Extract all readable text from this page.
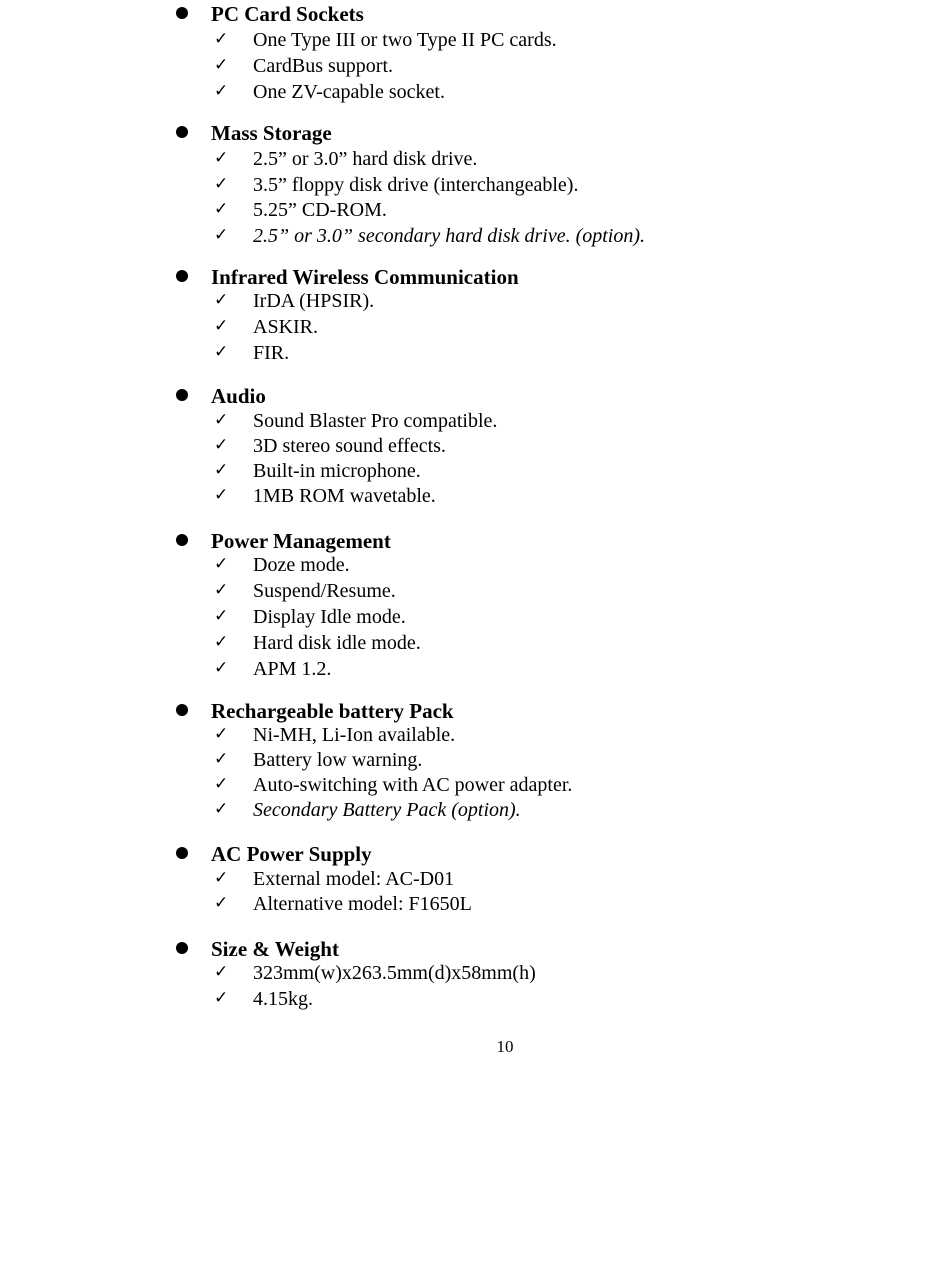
PC Card Sockets
✓ One Type III or two Type II PC cards.
✓ CardBus support.
✓ One ZV-capable socket.
Mass Storage
✓ 2.5” or 3.0” hard disk drive.
✓ 3.5” floppy disk drive (interchangeable).
✓ 5.25” CD-ROM.
✓ 2.5” or 3.0” secondary hard disk drive. (option).
Infrared Wireless Communication
✓ IrDA (HPSIR).
✓ ASKIR.
✓ FIR.
Audio
✓ Sound Blaster Pro compatible.
✓ 3D stereo sound effects.
✓ Built-in microphone.
✓ 1MB ROM wavetable.
Power Management
✓ Doze mode.
✓ Suspend/Resume.
✓ Display Idle mode.
✓ Hard disk idle mode.
✓ APM 1.2.
Rechargeable battery Pack
✓ Ni-MH, Li-Ion available.
✓ Battery low warning.
✓ Auto-switching with AC power adapter.
✓ Secondary Battery Pack (option).
AC Power Supply
✓ External model: AC-D01
✓ Alternative model: F1650L
Size & Weight
✓ 323mm(w)x263.5mm(d)x58mm(h)
✓ 4.15kg.
10
